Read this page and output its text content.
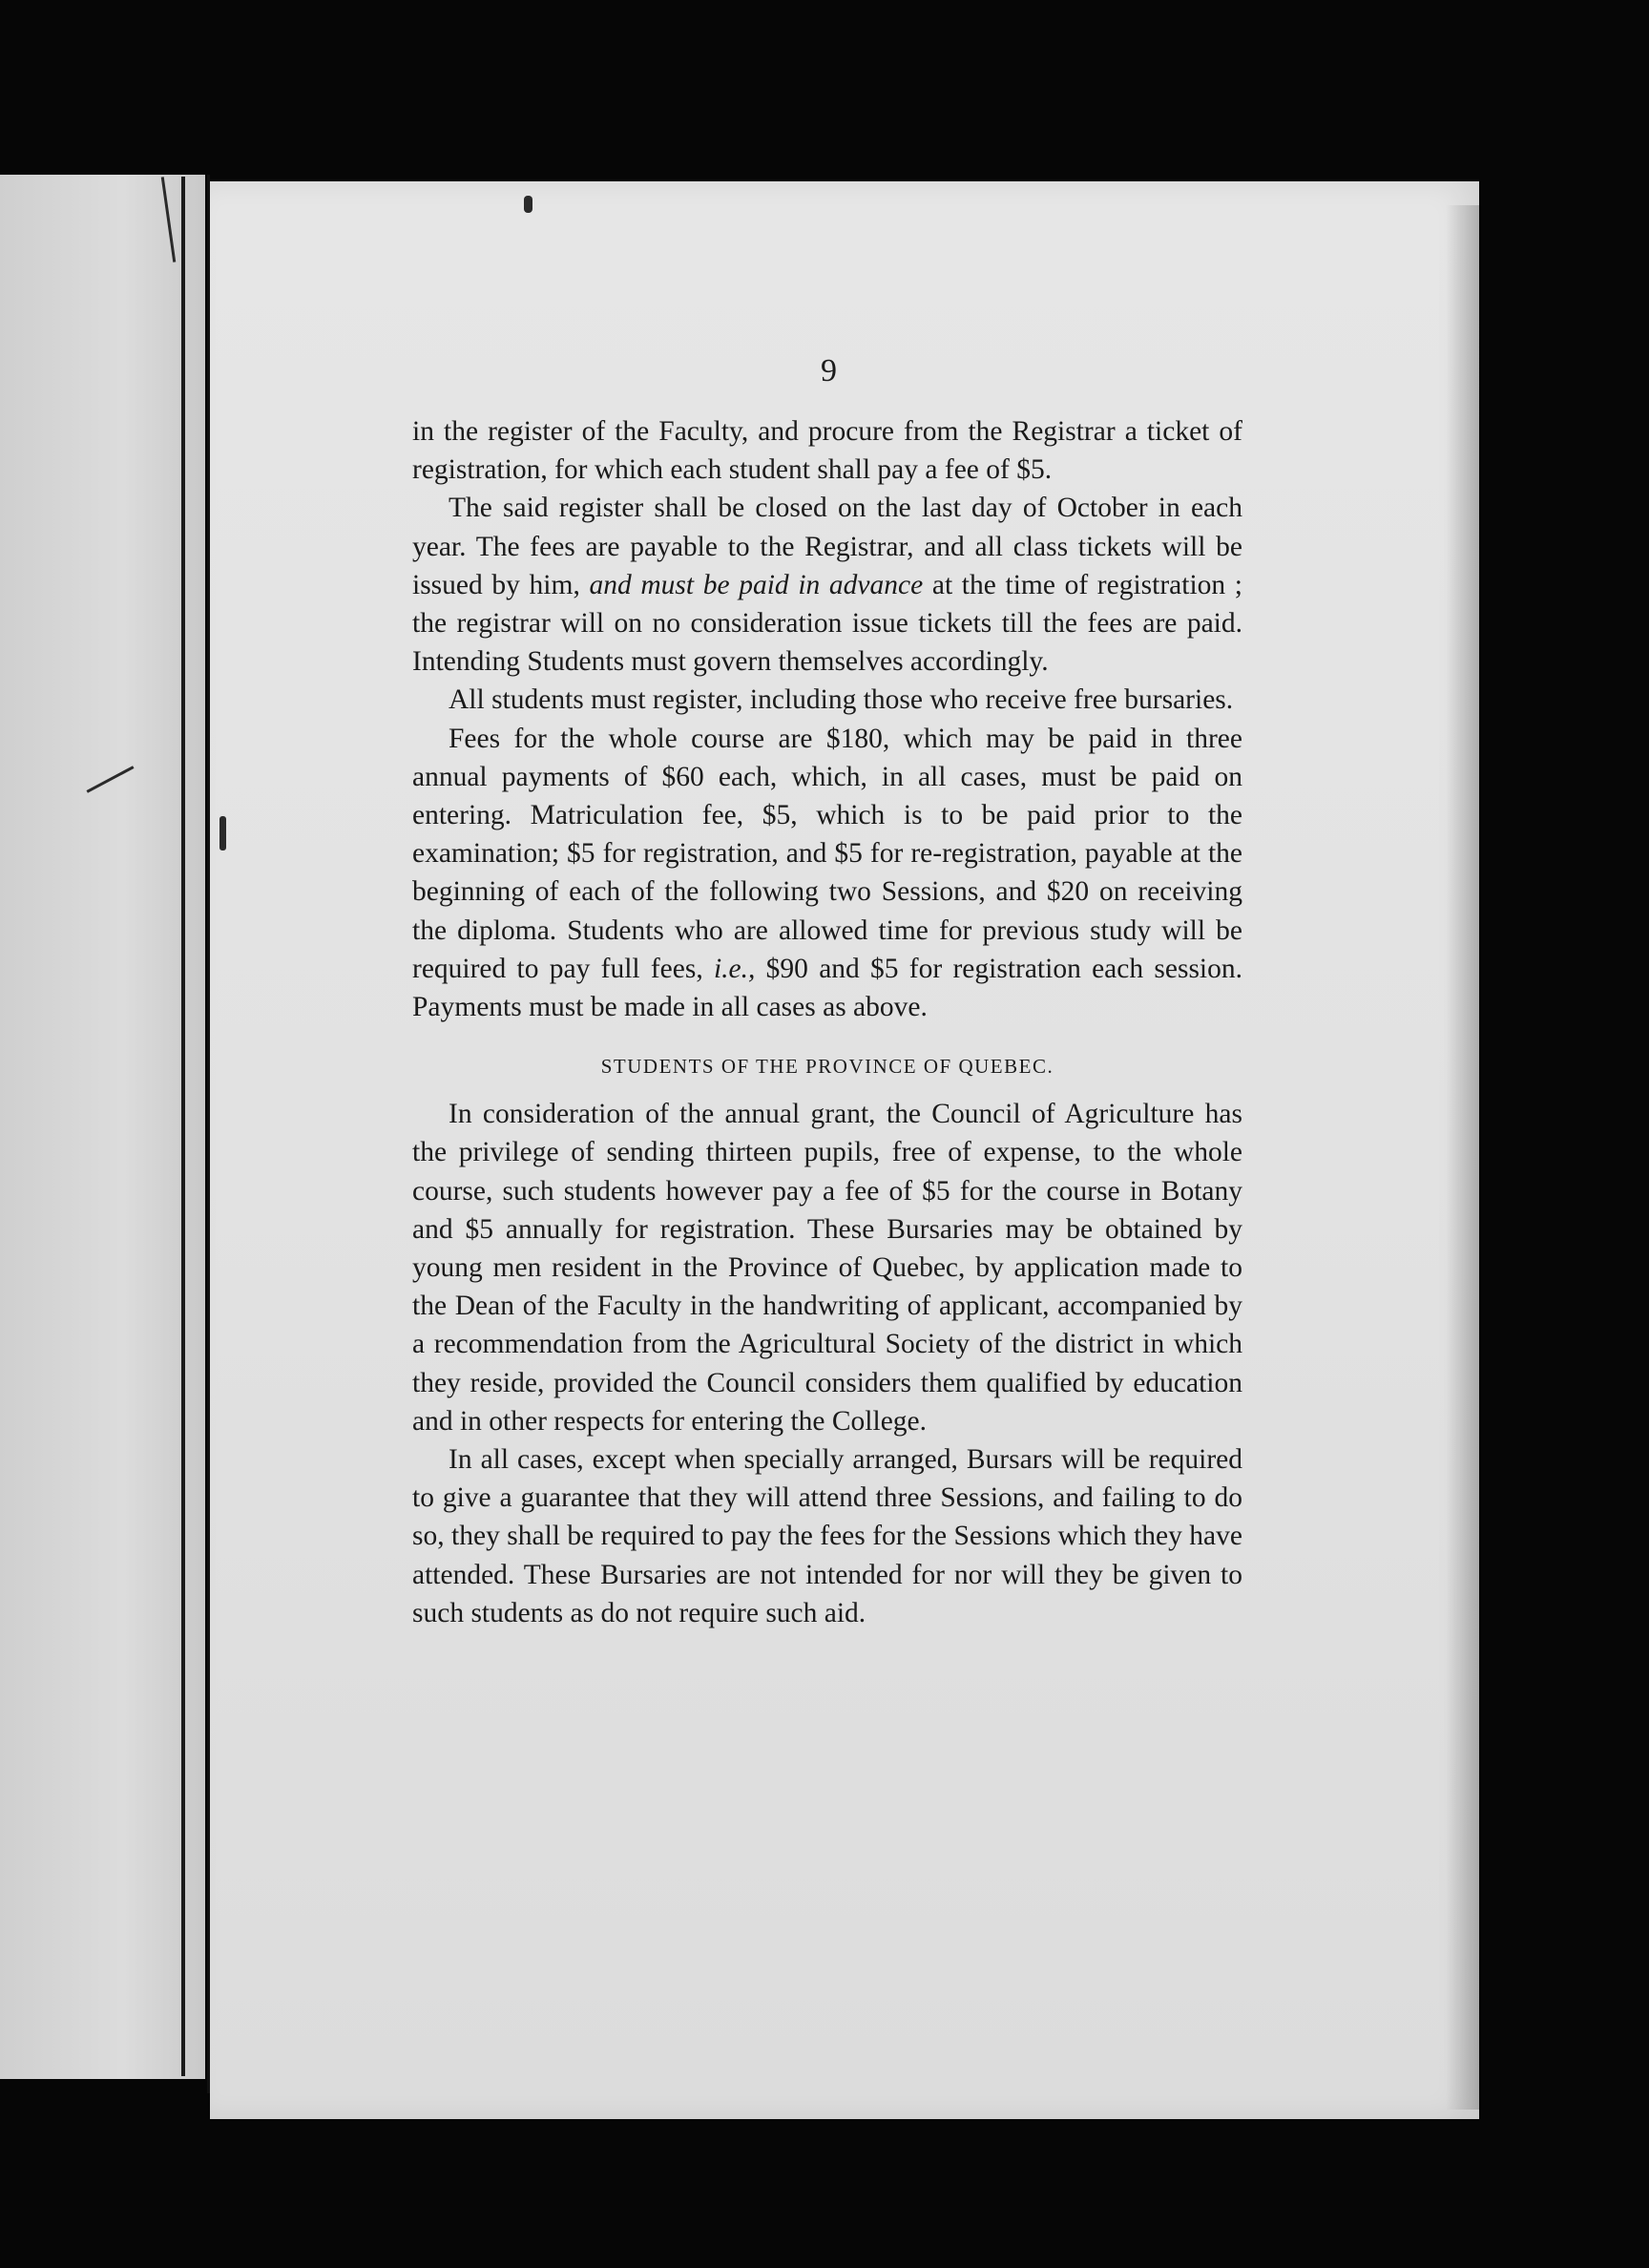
9

in the register of the Faculty, and procure from the Registrar a ticket of registration, for which each student shall pay a fee of $5.

The said register shall be closed on the last day of October in each year. The fees are payable to the Registrar, and all class tickets will be issued by him, and must be paid in advance at the time of registration ; the registrar will on no consideration issue tickets till the fees are paid. Intending Students must govern themselves accordingly.

All students must register, including those who receive free bursaries.

Fees for the whole course are $180, which may be paid in three annual payments of $60 each, which, in all cases, must be paid on entering. Matriculation fee, $5, which is to be paid prior to the examination; $5 for registration, and $5 for re-registration, payable at the beginning of each of the following two Sessions, and $20 on receiving the diploma. Students who are allowed time for previous study will be required to pay full fees, i.e., $90 and $5 for registration each session. Payments must be made in all cases as above.

STUDENTS OF THE PROVINCE OF QUEBEC.

In consideration of the annual grant, the Council of Agriculture has the privilege of sending thirteen pupils, free of expense, to the whole course, such students however pay a fee of $5 for the course in Botany and $5 annually for registration. These Bursaries may be obtained by young men resident in the Province of Quebec, by application made to the Dean of the Faculty in the handwriting of applicant, accompanied by a recommendation from the Agricultural Society of the district in which they reside, provided the Council considers them qualified by education and in other respects for entering the College.

In all cases, except when specially arranged, Bursars will be required to give a guarantee that they will attend three Sessions, and failing to do so, they shall be required to pay the fees for the Sessions which they have attended. These Bursaries are not intended for nor will they be given to such students as do not require such aid.
